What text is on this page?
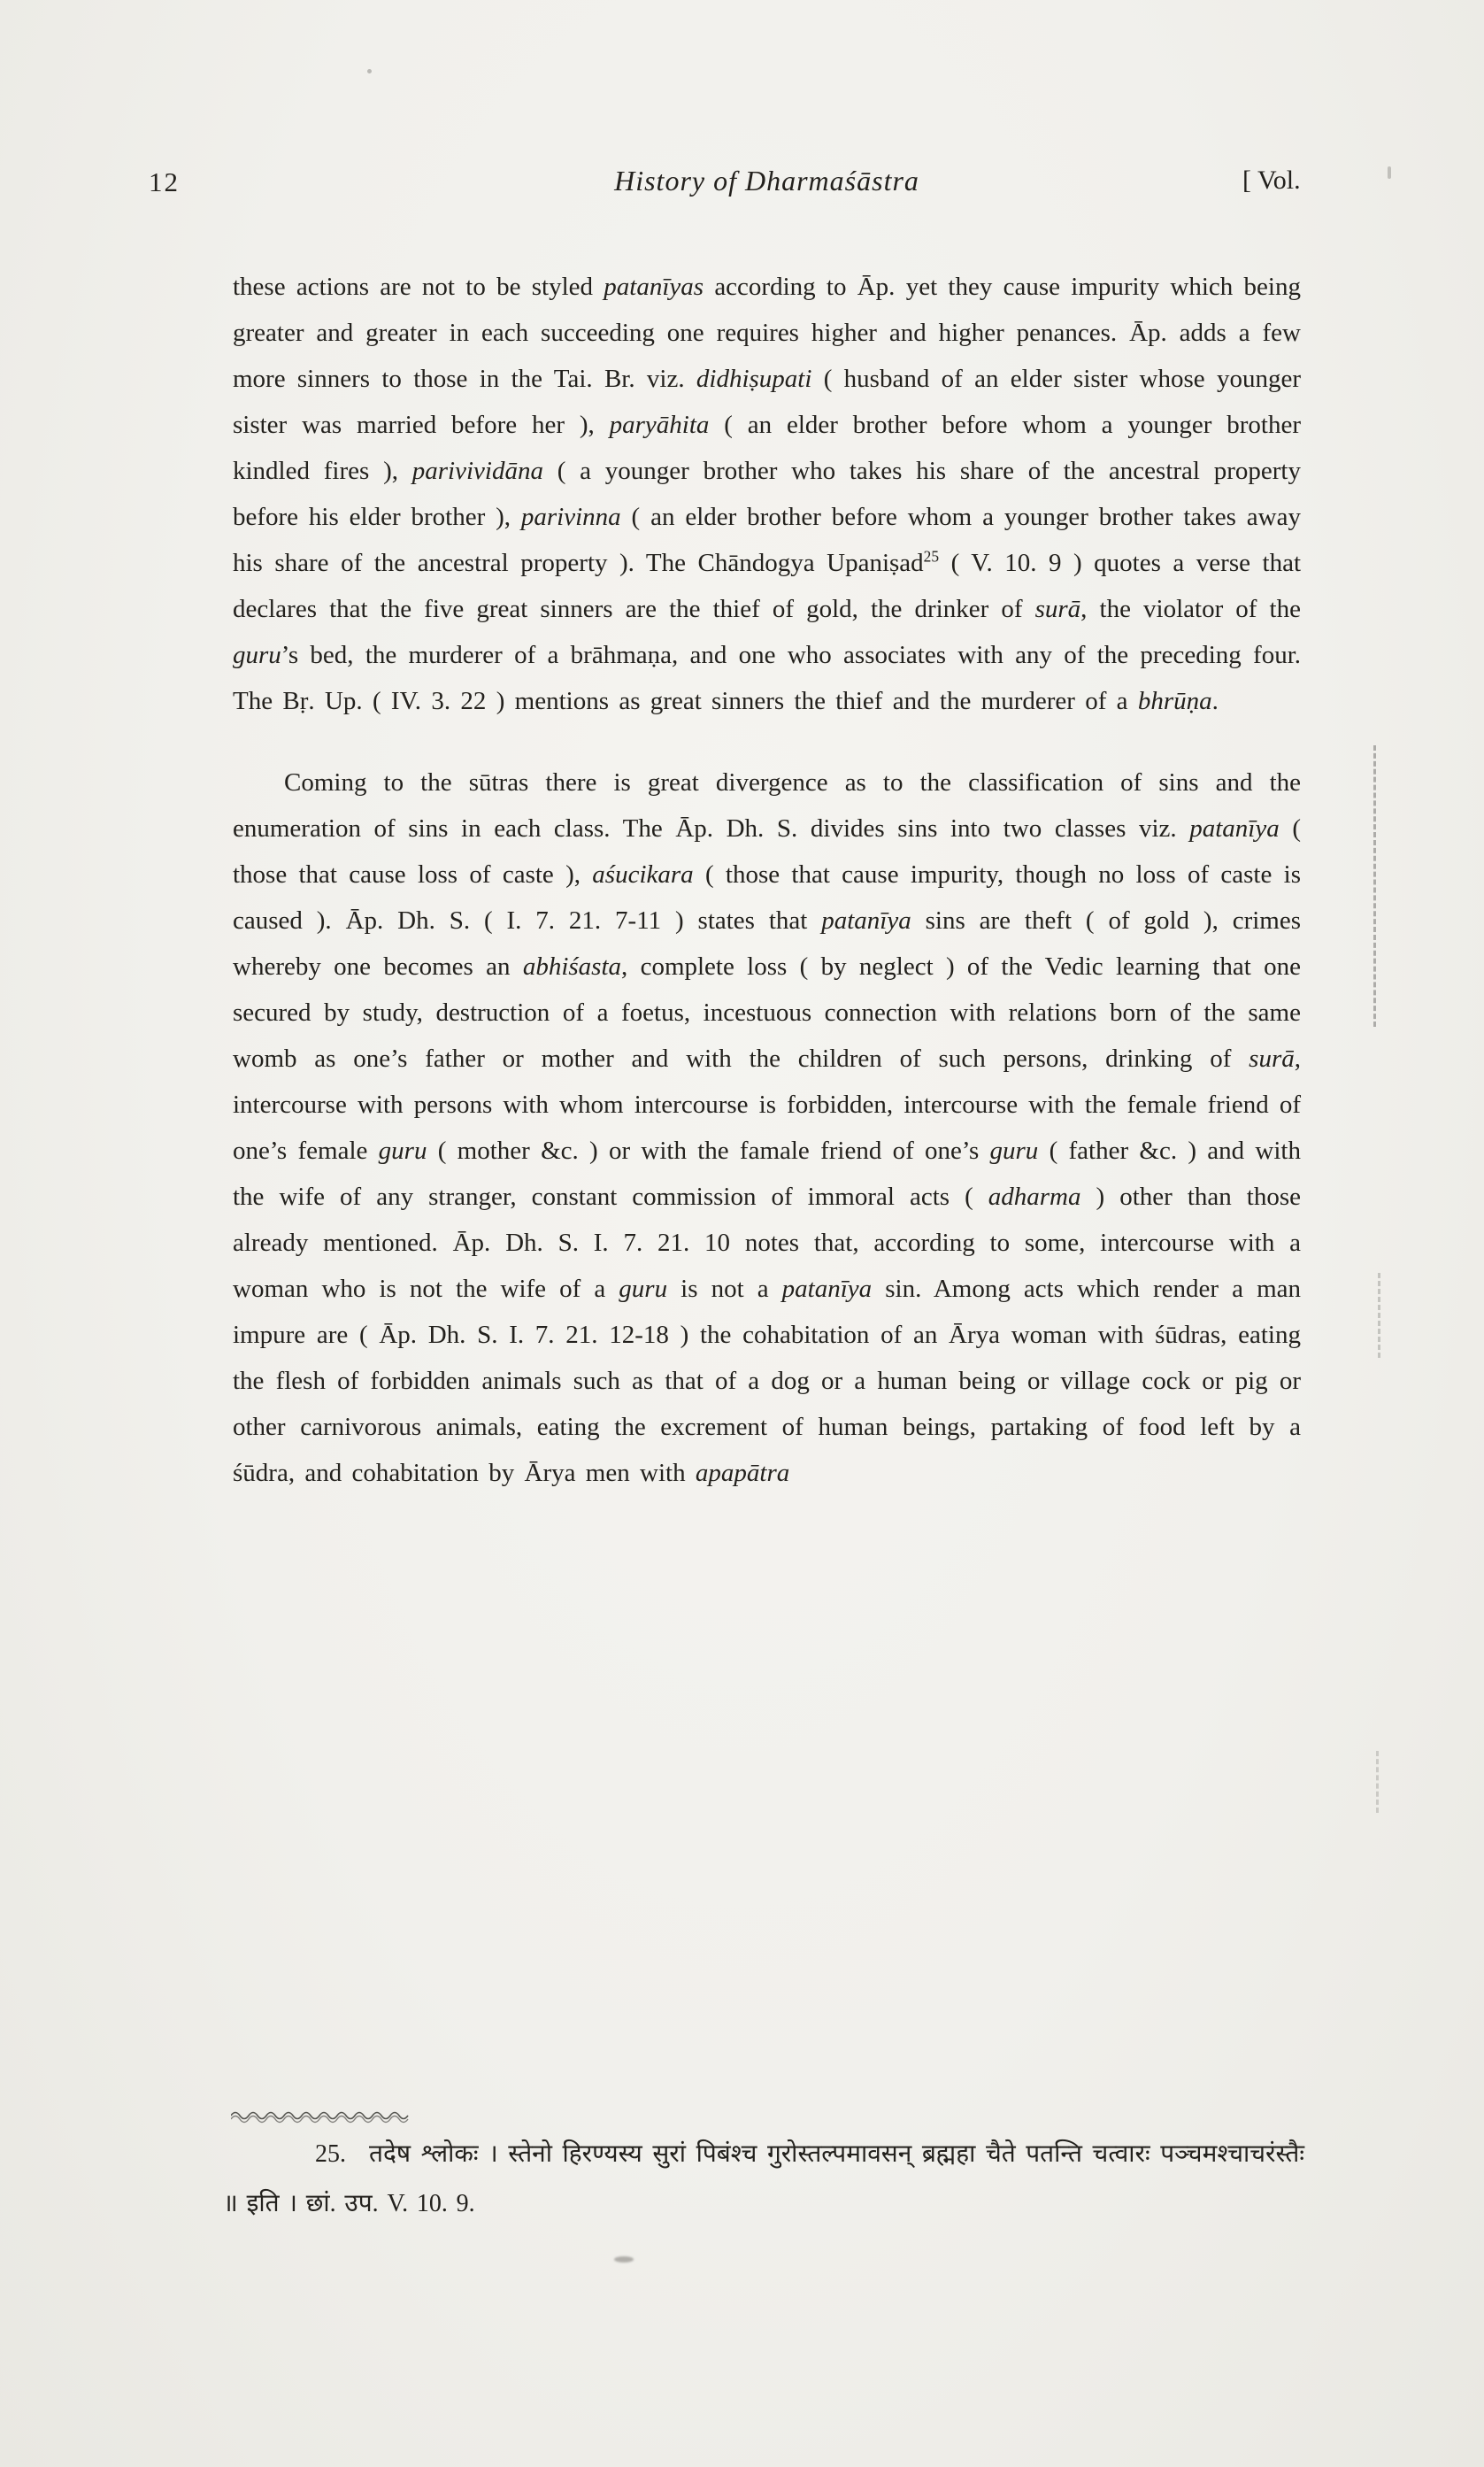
12	History of Dharmaśāstra	[ Vol.

these actions are not to be styled patanīyas according to Āp. yet they cause impurity which being greater and greater in each succeeding one requires higher and higher penances. Āp. adds a few more sinners to those in the Tai. Br. viz. didhiṣupati ( husband of an elder sister whose younger sister was married before her ), paryāhita ( an elder brother before whom a younger brother kindled fires ), parivividāna ( a younger brother who takes his share of the ancestral property before his elder brother ), parivinna ( an elder brother before whom a younger brother takes away his share of the ancestral property ). The Chāndogya Upaniṣad$^{25}$ ( V. 10. 9 ) quotes a verse that declares that the five great sinners are the thief of gold, the drinker of surā, the violator of the guru’s bed, the murderer of a brāhmaṇa, and one who associates with any of the preceding four. The Bṛ. Up. ( IV. 3. 22 ) mentions as great sinners the thief and the murderer of a bhrūṇa.

Coming to the sūtras there is great divergence as to the classification of sins and the enumeration of sins in each class. The Āp. Dh. S. divides sins into two classes viz. patanīya ( those that cause loss of caste ), aśucikara ( those that cause impurity, though no loss of caste is caused ). Āp. Dh. S. ( I. 7. 21. 7-11 ) states that patanīya sins are theft ( of gold ), crimes whereby one becomes an abhiśasta, complete loss ( by neglect ) of the Vedic learning that one secured by study, destruction of a foetus, incestuous connection with relations born of the same womb as one’s father or mother and with the children of such persons, drinking of surā, intercourse with persons with whom intercourse is forbidden, intercourse with the female friend of one’s female guru ( mother &c. ) or with the famale friend of one’s guru ( father &c. ) and with the wife of any stranger, constant commission of immoral acts ( adharma ) other than those already mentioned. Āp. Dh. S. I. 7. 21. 10 notes that, according to some, intercourse with a woman who is not the wife of a guru is not a patanīya sin. Among acts which render a man impure are ( Āp. Dh. S. I. 7. 21. 12-18 ) the cohabitation of an Ārya woman with śūdras, eating the flesh of forbidden animals such as that of a dog or a human being or village cock or pig or other carnivorous animals, eating the excrement of human beings, partaking of food left by a śūdra, and cohabitation by Ārya men with apapātra

25. तदेष श्लोकः । स्तेनो हिरण्यस्य सुरां पिबंश्च गुरोस्तल्पमावसन् ब्रह्महा चैते पतन्ति चत्वारः पञ्चमश्चाचरंस्तैः ॥ इति । छां. उप. V. 10. 9.
